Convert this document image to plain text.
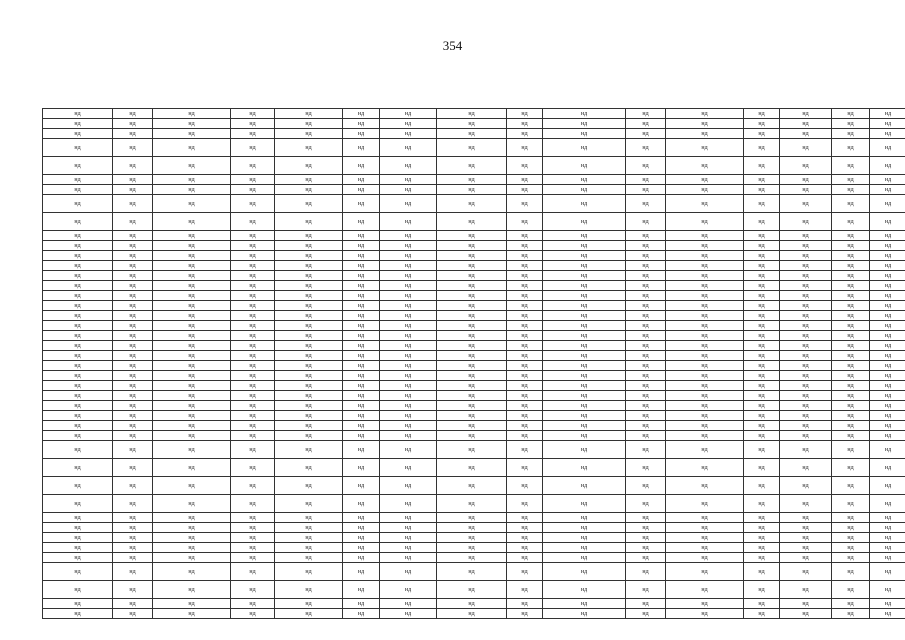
354
нд	нд	нд	нд	нд	нд	нд	нд	нд	нд	нд	нд	нд	нд	нд	нд
нд	нд	нд	нд	нд	нд	нд	нд	нд	нд	нд	нд	нд	нд	нд	нд
нд	нд	нд	нд	нд	нд	нд	нд	нд	нд	нд	нд	нд	нд	нд	нд
нд	нд	нд	нд	нд	нд	нд	нд	нд	нд	нд	нд	нд	нд	нд	нд
нд	нд	нд	нд	нд	нд	нд	нд	нд	нд	нд	нд	нд	нд	нд	нд
нд	нд	нд	нд	нд	нд	нд	нд	нд	нд	нд	нд	нд	нд	нд	нд
нд	нд	нд	нд	нд	нд	нд	нд	нд	нд	нд	нд	нд	нд	нд	нд
нд	нд	нд	нд	нд	нд	нд	нд	нд	нд	нд	нд	нд	нд	нд	нд
нд	нд	нд	нд	нд	нд	нд	нд	нд	нд	нд	нд	нд	нд	нд	нд
нд	нд	нд	нд	нд	нд	нд	нд	нд	нд	нд	нд	нд	нд	нд	нд
нд	нд	нд	нд	нд	нд	нд	нд	нд	нд	нд	нд	нд	нд	нд	нд
нд	нд	нд	нд	нд	нд	нд	нд	нд	нд	нд	нд	нд	нд	нд	нд
нд	нд	нд	нд	нд	нд	нд	нд	нд	нд	нд	нд	нд	нд	нд	нд
нд	нд	нд	нд	нд	нд	нд	нд	нд	нд	нд	нд	нд	нд	нд	нд
нд	нд	нд	нд	нд	нд	нд	нд	нд	нд	нд	нд	нд	нд	нд	нд
нд	нд	нд	нд	нд	нд	нд	нд	нд	нд	нд	нд	нд	нд	нд	нд
нд	нд	нд	нд	нд	нд	нд	нд	нд	нд	нд	нд	нд	нд	нд	нд
нд	нд	нд	нд	нд	нд	нд	нд	нд	нд	нд	нд	нд	нд	нд	нд
нд	нд	нд	нд	нд	нд	нд	нд	нд	нд	нд	нд	нд	нд	нд	нд
нд	нд	нд	нд	нд	нд	нд	нд	нд	нд	нд	нд	нд	нд	нд	нд
нд	нд	нд	нд	нд	нд	нд	нд	нд	нд	нд	нд	нд	нд	нд	нд
нд	нд	нд	нд	нд	нд	нд	нд	нд	нд	нд	нд	нд	нд	нд	нд
нд	нд	нд	нд	нд	нд	нд	нд	нд	нд	нд	нд	нд	нд	нд	нд
нд	нд	нд	нд	нд	нд	нд	нд	нд	нд	нд	нд	нд	нд	нд	нд
нд	нд	нд	нд	нд	нд	нд	нд	нд	нд	нд	нд	нд	нд	нд	нд
нд	нд	нд	нд	нд	нд	нд	нд	нд	нд	нд	нд	нд	нд	нд	нд
нд	нд	нд	нд	нд	нд	нд	нд	нд	нд	нд	нд	нд	нд	нд	нд
нд	нд	нд	нд	нд	нд	нд	нд	нд	нд	нд	нд	нд	нд	нд	нд
нд	нд	нд	нд	нд	нд	нд	нд	нд	нд	нд	нд	нд	нд	нд	нд
нд	нд	нд	нд	нд	нд	нд	нд	нд	нд	нд	нд	нд	нд	нд	нд
нд	нд	нд	нд	нд	нд	нд	нд	нд	нд	нд	нд	нд	нд	нд	нд
нд	нд	нд	нд	нд	нд	нд	нд	нд	нд	нд	нд	нд	нд	нд	нд
нд	нд	нд	нд	нд	нд	нд	нд	нд	нд	нд	нд	нд	нд	нд	нд
нд	нд	нд	нд	нд	нд	нд	нд	нд	нд	нд	нд	нд	нд	нд	нд
нд	нд	нд	нд	нд	нд	нд	нд	нд	нд	нд	нд	нд	нд	нд	нд
нд	нд	нд	нд	нд	нд	нд	нд	нд	нд	нд	нд	нд	нд	нд	нд
нд	нд	нд	нд	нд	нд	нд	нд	нд	нд	нд	нд	нд	нд	нд	нд
нд	нд	нд	нд	нд	нд	нд	нд	нд	нд	нд	нд	нд	нд	нд	нд
нд	нд	нд	нд	нд	нд	нд	нд	нд	нд	нд	нд	нд	нд	нд	нд
нд	нд	нд	нд	нд	нд	нд	нд	нд	нд	нд	нд	нд	нд	нд	нд
нд	нд	нд	нд	нд	нд	нд	нд	нд	нд	нд	нд	нд	нд	нд	нд
нд	нд	нд	нд	нд	нд	нд	нд	нд	нд	нд	нд	нд	нд	нд	нд
нд	нд	нд	нд	нд	нд	нд	нд	нд	нд	нд	нд	нд	нд	нд	нд
